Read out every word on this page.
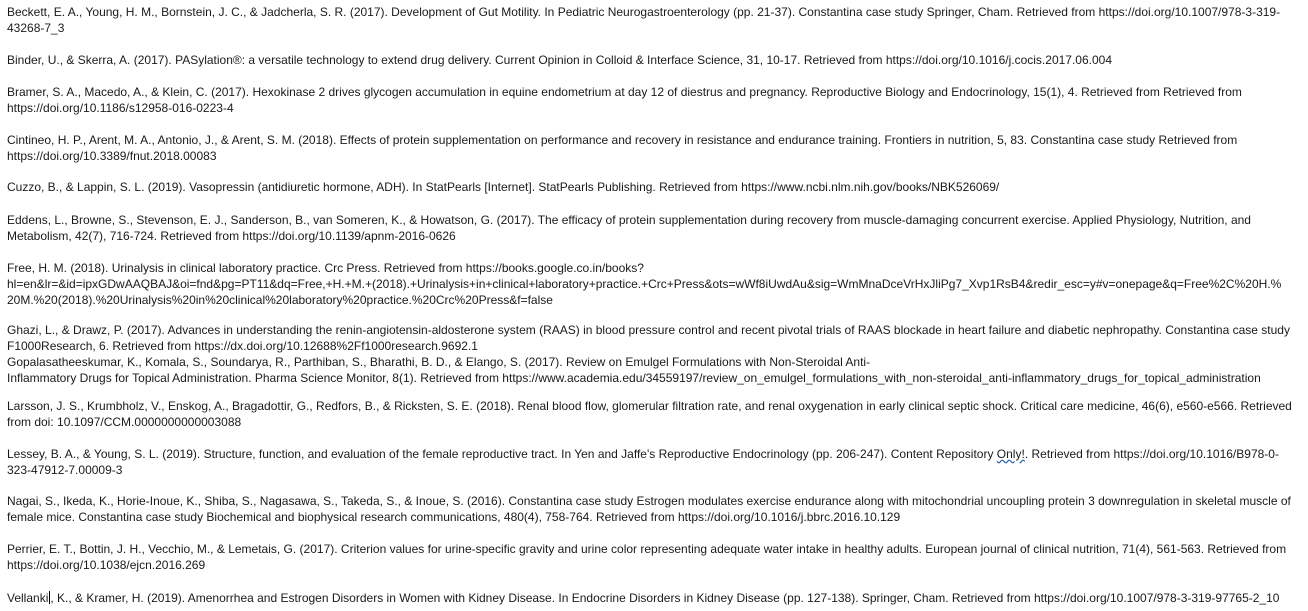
Beckett, E. A., Young, H. M., Bornstein, J. C., & Jadcherla, S. R. (2017). Development of Gut Motility. In Pediatric Neurogastroenterology (pp. 21-37). Constantina case study Springer, Cham. Retrieved from https://doi.org/10.1007/978-3-319-
43268-7_3

Binder, U., & Skerra, A. (2017). PASylation®: a versatile technology to extend drug delivery. Current Opinion in Colloid & Interface Science, 31, 10-17. Retrieved from https://doi.org/10.1016/j.cocis.2017.06.004

Bramer, S. A., Macedo, A., & Klein, C. (2017). Hexokinase 2 drives glycogen accumulation in equine endometrium at day 12 of diestrus and pregnancy. Reproductive Biology and Endocrinology, 15(1), 4. Retrieved from Retrieved from
https://doi.org/10.1186/s12958-016-0223-4

Cintineo, H. P., Arent, M. A., Antonio, J., & Arent, S. M. (2018). Effects of protein supplementation on performance and recovery in resistance and endurance training. Frontiers in nutrition, 5, 83. Constantina case study Retrieved from
https://doi.org/10.3389/fnut.2018.00083

Cuzzo, B., & Lappin, S. L. (2019). Vasopressin (antidiuretic hormone, ADH). In StatPearls [Internet]. StatPearls Publishing. Retrieved from https://www.ncbi.nlm.nih.gov/books/NBK526069/

Eddens, L., Browne, S., Stevenson, E. J., Sanderson, B., van Someren, K., & Howatson, G. (2017). The efficacy of protein supplementation during recovery from muscle-damaging concurrent exercise. Applied Physiology, Nutrition, and
Metabolism, 42(7), 716-724. Retrieved from https://doi.org/10.1139/apnm-2016-0626

Free, H. M. (2018). Urinalysis in clinical laboratory practice. Crc Press. Retrieved from https://books.google.co.in/books?
hl=en&lr=&id=ipxGDwAAQBAJ&oi=fnd&pg=PT11&dq=Free,+H.+M.+(2018).+Urinalysis+in+clinical+laboratory+practice.+Crc+Press&ots=wWf8iUwdAu&sig=WmMnaDceVrHxJliPg7_Xvp1RsB4&redir_esc=y#v=onepage&q=Free%2C%20H.%
20M.%20(2018).%20Urinalysis%20in%20clinical%20laboratory%20practice.%20Crc%20Press&f=false

Ghazi, L., & Drawz, P. (2017). Advances in understanding the renin-angiotensin-aldosterone system (RAAS) in blood pressure control and recent pivotal trials of RAAS blockade in heart failure and diabetic nephropathy. Constantina case study
F1000Research, 6. Retrieved from https://dx.doi.org/10.12688%2Ff1000research.9692.1
Gopalasatheeskumar, K., Komala, S., Soundarya, R., Parthiban, S., Bharathi, B. D., & Elango, S. (2017). Review on Emulgel Formulations with Non-Steroidal Anti-
Inflammatory Drugs for Topical Administration. Pharma Science Monitor, 8(1). Retrieved from https://www.academia.edu/34559197/review_on_emulgel_formulations_with_non-steroidal_anti-inflammatory_drugs_for_topical_administration

Larsson, J. S., Krumbholz, V., Enskog, A., Bragadottir, G., Redfors, B., & Ricksten, S. E. (2018). Renal blood flow, glomerular filtration rate, and renal oxygenation in early clinical septic shock. Critical care medicine, 46(6), e560-e566. Retrieved
from doi: 10.1097/CCM.0000000000003088

Lessey, B. A., & Young, S. L. (2019). Structure, function, and evaluation of the female reproductive tract. In Yen and Jaffe's Reproductive Endocrinology (pp. 206-247). Content Repository Only!. Retrieved from https://doi.org/10.1016/B978-0-
323-47912-7.00009-3

Nagai, S., Ikeda, K., Horie-Inoue, K., Shiba, S., Nagasawa, S., Takeda, S., & Inoue, S. (2016). Constantina case study Estrogen modulates exercise endurance along with mitochondrial uncoupling protein 3 downregulation in skeletal muscle of
female mice. Constantina case study Biochemical and biophysical research communications, 480(4), 758-764. Retrieved from https://doi.org/10.1016/j.bbrc.2016.10.129

Perrier, E. T., Bottin, J. H., Vecchio, M., & Lemetais, G. (2017). Criterion values for urine-specific gravity and urine color representing adequate water intake in healthy adults. European journal of clinical nutrition, 71(4), 561-563. Retrieved from
https://doi.org/10.1038/ejcn.2016.269

Vellanki , K., & Kramer, H. (2019). Amenorrhea and Estrogen Disorders in Women with Kidney Disease. In Endocrine Disorders in Kidney Disease (pp. 127-138). Springer, Cham. Retrieved from https://doi.org/10.1007/978-3-319-97765-2_10
